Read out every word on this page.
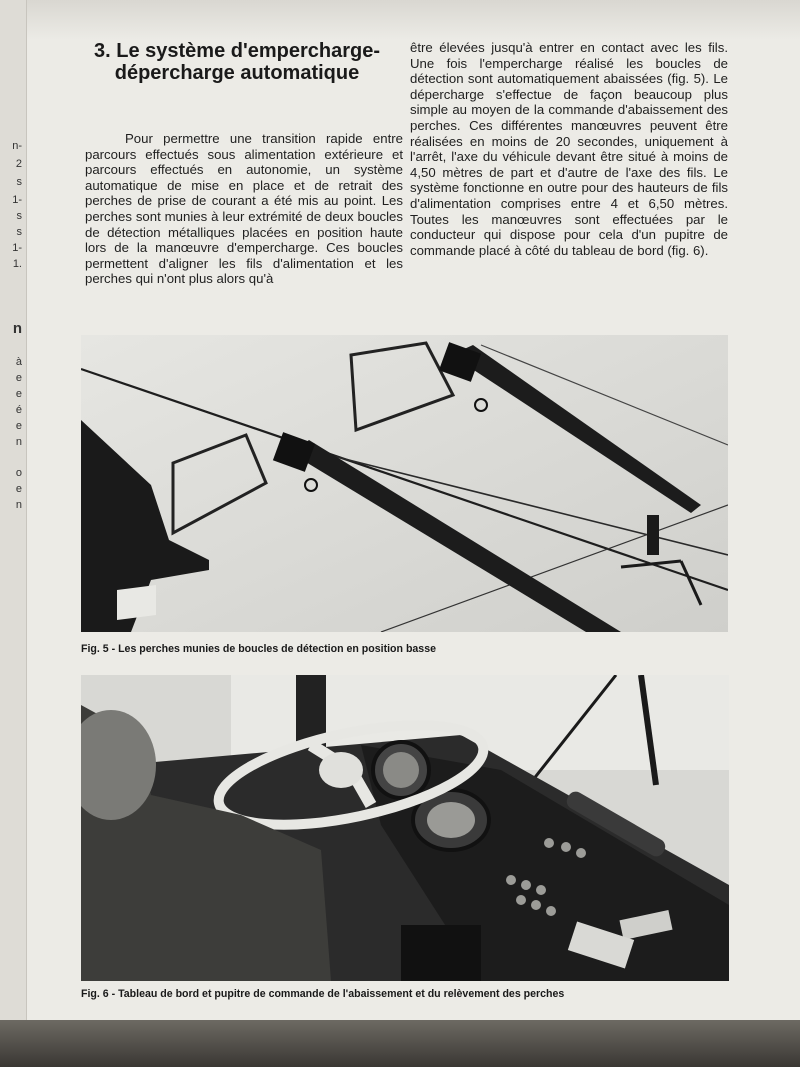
n-
2
s
1-
s
s
1-
1.
n
à
e
e
é
e
n
o
e
n
3. Le système d'empercharge-dépercharge automatique

Pour permettre une transition rapide entre parcours effectués sous alimentation extérieure et parcours effectués en autonomie, un système automatique de mise en place et de retrait des perches de prise de courant a été mis au point. Les perches sont munies à leur extrémité de deux boucles de détection métalliques placées en position haute lors de la manœuvre d'empercharge. Ces boucles permettent d'aligner les fils d'alimentation et les perches qui n'ont plus alors qu'à

être élevées jusqu'à entrer en contact avec les fils. Une fois l'empercharge réalisé les boucles de détection sont automatiquement abaissées (fig. 5). Le dépercharge s'effectue de façon beaucoup plus simple au moyen de la commande d'abaissement des perches. Ces différentes manœuvres peuvent être réalisées en moins de 20 secondes, uniquement à l'arrêt, l'axe du véhicule devant être situé à moins de 4,50 mètres de part et d'autre de l'axe des fils. Le système fonctionne en outre pour des hauteurs de fils d'alimentation comprises entre 4 et 6,50 mètres. Toutes les manœuvres sont effectuées par le conducteur qui dispose pour cela d'un pupitre de commande placé à côté du tableau de bord (fig. 6).

Fig. 5 - Les perches munies de boucles de détection en position basse

Fig. 6 - Tableau de bord et pupitre de commande de l'abaissement et du relèvement des perches
